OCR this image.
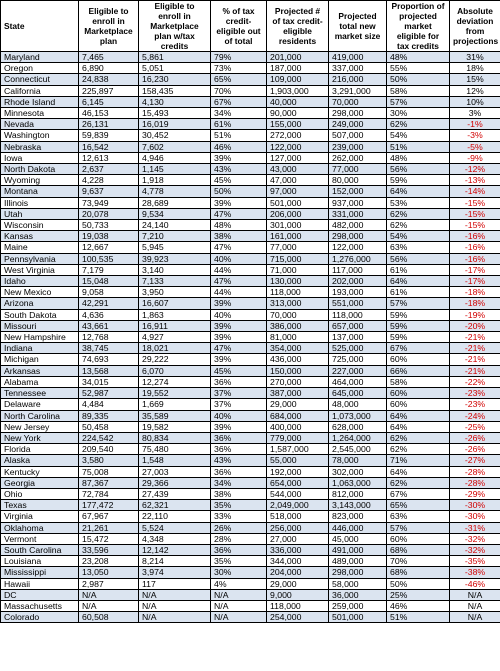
State	Eligible to enroll in Marketplace plan	Eligible to enroll in Marketplace plan w/tax credits	% of tax credit-eligible out of total	Projected # of tax credit-eligible residents	Projected total new market size	Proportion of projected market eligible for tax credits	Absolute deviation from projections
Maryland	7,465	5,861	79%	201,000	419,000	48%	31%
Oregon	6,890	5,051	73%	187,000	337,000	55%	18%
Connecticut	24,838	16,230	65%	109,000	216,000	50%	15%
California	225,897	158,435	70%	1,903,000	3,291,000	58%	12%
Rhode Island	6,145	4,130	67%	40,000	70,000	57%	10%
Minnesota	46,153	15,493	34%	90,000	298,000	30%	3%
Nevada	26,131	16,019	61%	155,000	249,000	62%	-1%
Washington	59,839	30,452	51%	272,000	507,000	54%	-3%
Nebraska	16,542	7,602	46%	122,000	239,000	51%	-5%
Iowa	12,613	4,946	39%	127,000	262,000	48%	-9%
North Dakota	2,637	1,145	43%	43,000	77,000	56%	-12%
Wyoming	4,228	1,918	45%	47,000	80,000	59%	-13%
Montana	9,637	4,778	50%	97,000	152,000	64%	-14%
Illinois	73,949	28,689	39%	501,000	937,000	53%	-15%
Utah	20,078	9,534	47%	206,000	331,000	62%	-15%
Wisconsin	50,733	24,140	48%	301,000	482,000	62%	-15%
Kansas	19,038	7,210	38%	161,000	298,000	54%	-16%
Maine	12,667	5,945	47%	77,000	122,000	63%	-16%
Pennsylvania	100,535	39,923	40%	715,000	1,276,000	56%	-16%
West Virginia	7,179	3,140	44%	71,000	117,000	61%	-17%
Idaho	15,048	7,133	47%	130,000	202,000	64%	-17%
New Mexico	9,058	3,950	44%	118,000	193,000	61%	-18%
Arizona	42,291	16,607	39%	313,000	551,000	57%	-18%
South Dakota	4,636	1,863	40%	70,000	118,000	59%	-19%
Missouri	43,661	16,911	39%	386,000	657,000	59%	-20%
New Hampshire	12,768	4,927	39%	81,000	137,000	59%	-21%
Indiana	38,745	18,021	47%	354,000	525,000	67%	-21%
Michigan	74,693	29,222	39%	436,000	725,000	60%	-21%
Arkansas	13,568	6,070	45%	150,000	227,000	66%	-21%
Alabama	34,015	12,274	36%	270,000	464,000	58%	-22%
Tennessee	52,987	19,552	37%	387,000	645,000	60%	-23%
Delaware	4,484	1,669	37%	29,000	48,000	60%	-23%
North Carolina	89,335	35,589	40%	684,000	1,073,000	64%	-24%
New Jersey	50,458	19,582	39%	400,000	628,000	64%	-25%
New York	224,542	80,834	36%	779,000	1,264,000	62%	-26%
Florida	209,540	75,480	36%	1,587,000	2,545,000	62%	-26%
Alaska	3,580	1,548	43%	55,000	78,000	71%	-27%
Kentucky	75,008	27,003	36%	192,000	302,000	64%	-28%
Georgia	87,367	29,366	34%	654,000	1,063,000	62%	-28%
Ohio	72,784	27,439	38%	544,000	812,000	67%	-29%
Texas	177,472	62,321	35%	2,049,000	3,143,000	65%	-30%
Virginia	67,967	22,110	33%	518,000	823,000	63%	-30%
Oklahoma	21,261	5,524	26%	256,000	446,000	57%	-31%
Vermont	15,472	4,348	28%	27,000	45,000	60%	-32%
South Carolina	33,596	12,142	36%	336,000	491,000	68%	-32%
Louisiana	23,208	8,214	35%	344,000	489,000	70%	-35%
Mississippi	13,050	3,974	30%	204,000	298,000	68%	-38%
Hawaii	2,987	117	4%	29,000	58,000	50%	-46%
DC	N/A	N/A	N/A	9,000	36,000	25%	N/A
Massachusetts	N/A	N/A	N/A	118,000	259,000	46%	N/A
Colorado	60,508	N/A	N/A	254,000	501,000	51%	N/A
